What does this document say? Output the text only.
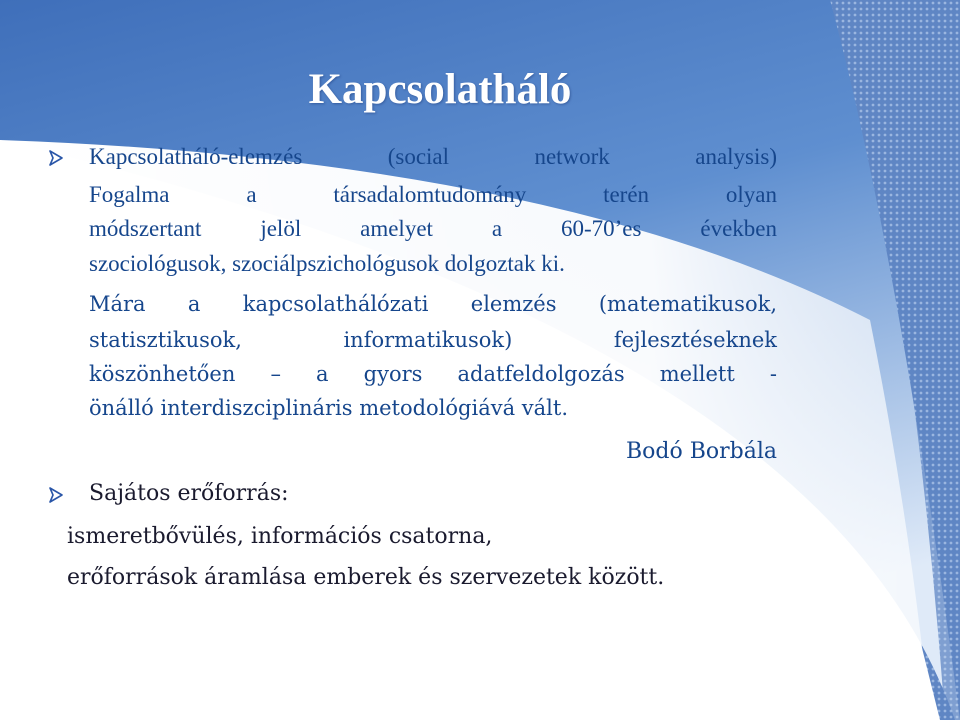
Kapcsolatháló

Kapcsolatháló-elemzés (social network analysis)

Fogalma a társadalomtudomány terén olyan

módszertant jelöl amelyet a 60-70’es években

szociológusok, szociálpszichológusok dolgoztak ki.

Mára a kapcsolathálózati elemzés (matematikusok,

statisztikusok, informatikusok) fejlesztéseknek

köszönhetően – a gyors adatfeldolgozás mellett -

önálló interdiszciplináris metodológiává vált.

Bodó Borbála

Sajátos erőforrás:

ismeretbővülés, információs csatorna,

erőforrások áramlása emberek és szervezetek között.
